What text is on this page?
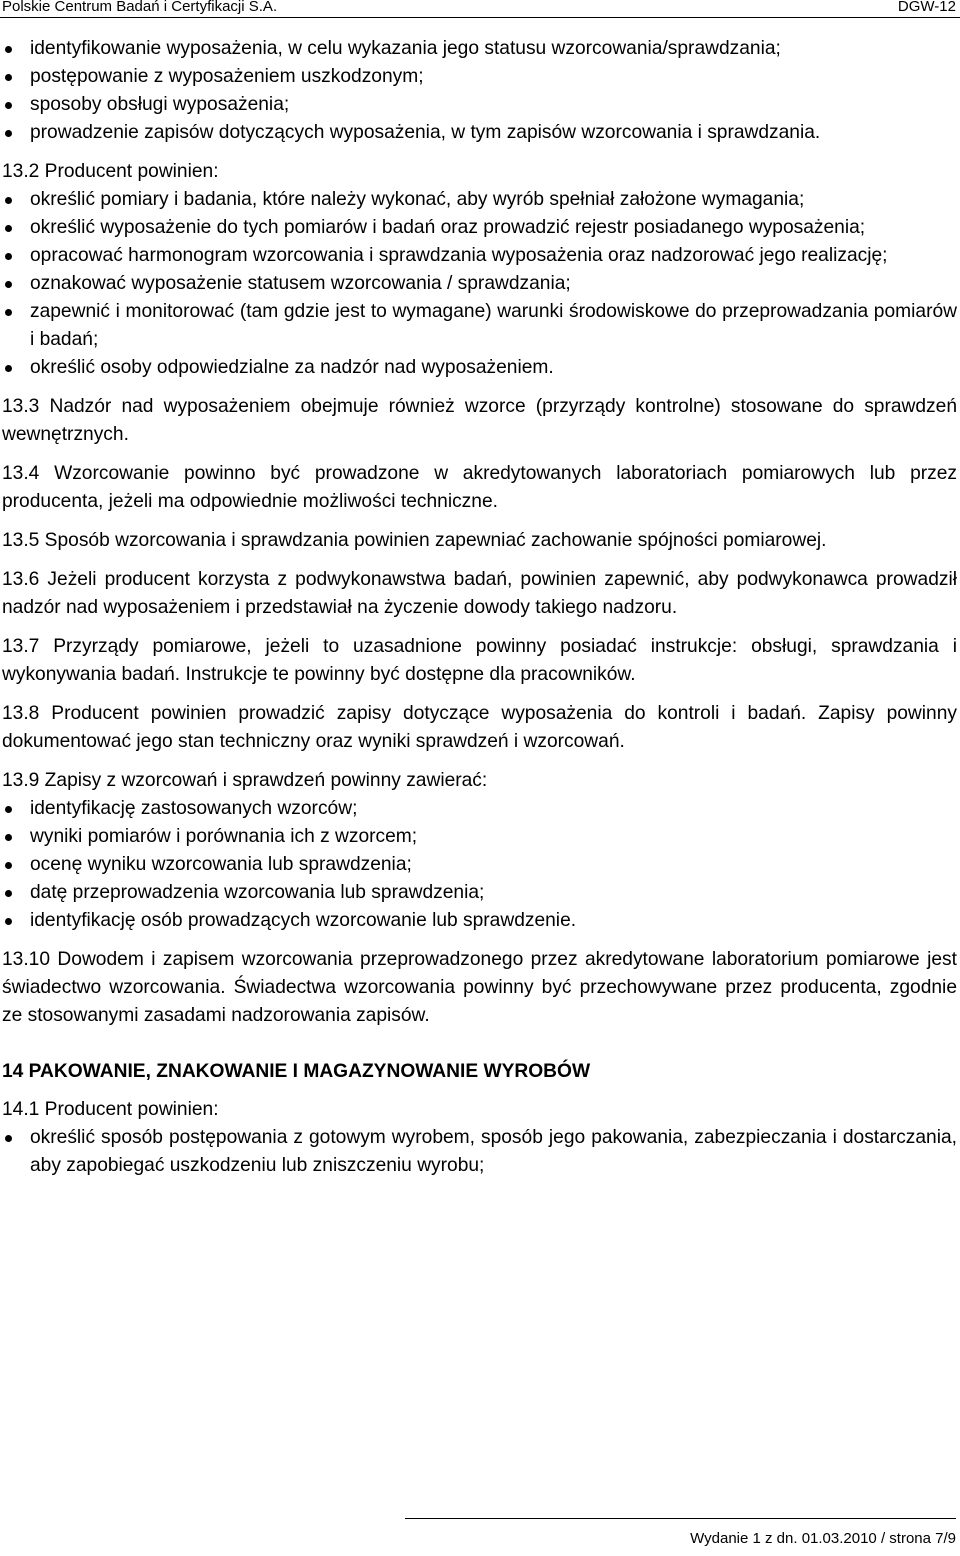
Polskie Centrum Badań i Certyfikacji S.A.	DGW-12
identyfikowanie wyposażenia, w celu wykazania jego statusu wzorcowania/sprawdzania;
postępowanie z wyposażeniem uszkodzonym;
sposoby obsługi wyposażenia;
prowadzenie zapisów dotyczących wyposażenia, w tym zapisów wzorcowania i sprawdzania.

13.2 Producent powinien:

określić pomiary i badania, które należy wykonać, aby wyrób spełniał założone wymagania;
określić wyposażenie do tych pomiarów i badań oraz prowadzić rejestr posiadanego wyposażenia;
opracować harmonogram wzorcowania i sprawdzania wyposażenia oraz nadzorować jego realizację;
oznakować wyposażenie statusem wzorcowania / sprawdzania;
zapewnić i monitorować (tam gdzie jest to wymagane) warunki środowiskowe do przeprowadzania pomiarów i badań;
określić osoby odpowiedzialne za nadzór nad wyposażeniem.

13.3 Nadzór nad wyposażeniem obejmuje również wzorce (przyrządy kontrolne) stosowane do sprawdzeń wewnętrznych.

13.4 Wzorcowanie powinno być prowadzone w akredytowanych laboratoriach pomiarowych lub przez producenta, jeżeli ma odpowiednie możliwości techniczne.

13.5 Sposób wzorcowania i sprawdzania powinien zapewniać zachowanie spójności pomiarowej.

13.6 Jeżeli producent korzysta z podwykonawstwa badań, powinien zapewnić, aby podwykonawca prowadził nadzór nad wyposażeniem i przedstawiał na życzenie dowody takiego nadzoru.

13.7 Przyrządy pomiarowe, jeżeli to uzasadnione powinny posiadać instrukcje: obsługi, sprawdzania i wykonywania badań. Instrukcje te powinny być dostępne dla pracowników.

13.8 Producent powinien prowadzić zapisy dotyczące wyposażenia do kontroli i badań. Zapisy powinny dokumentować jego stan techniczny oraz wyniki sprawdzeń i wzorcowań.

13.9 Zapisy z wzorcowań i sprawdzeń powinny zawierać:

identyfikację zastosowanych wzorców;
wyniki pomiarów i porównania ich z wzorcem;
ocenę wyniku wzorcowania lub sprawdzenia;
datę przeprowadzenia wzorcowania lub sprawdzenia;
identyfikację osób prowadzących wzorcowanie lub sprawdzenie.

13.10 Dowodem i zapisem wzorcowania przeprowadzonego przez akredytowane laboratorium pomiarowe jest świadectwo wzorcowania. Świadectwa wzorcowania powinny być przechowywane przez producenta, zgodnie ze stosowanymi zasadami nadzorowania zapisów.

14 PAKOWANIE, ZNAKOWANIE I MAGAZYNOWANIE WYROBÓW

14.1 Producent powinien:

określić sposób postępowania z gotowym wyrobem, sposób jego pakowania, zabezpieczania i dostarczania, aby zapobiegać uszkodzeniu lub zniszczeniu wyrobu;
Wydanie 1 z dn. 01.03.2010 / strona 7/9
